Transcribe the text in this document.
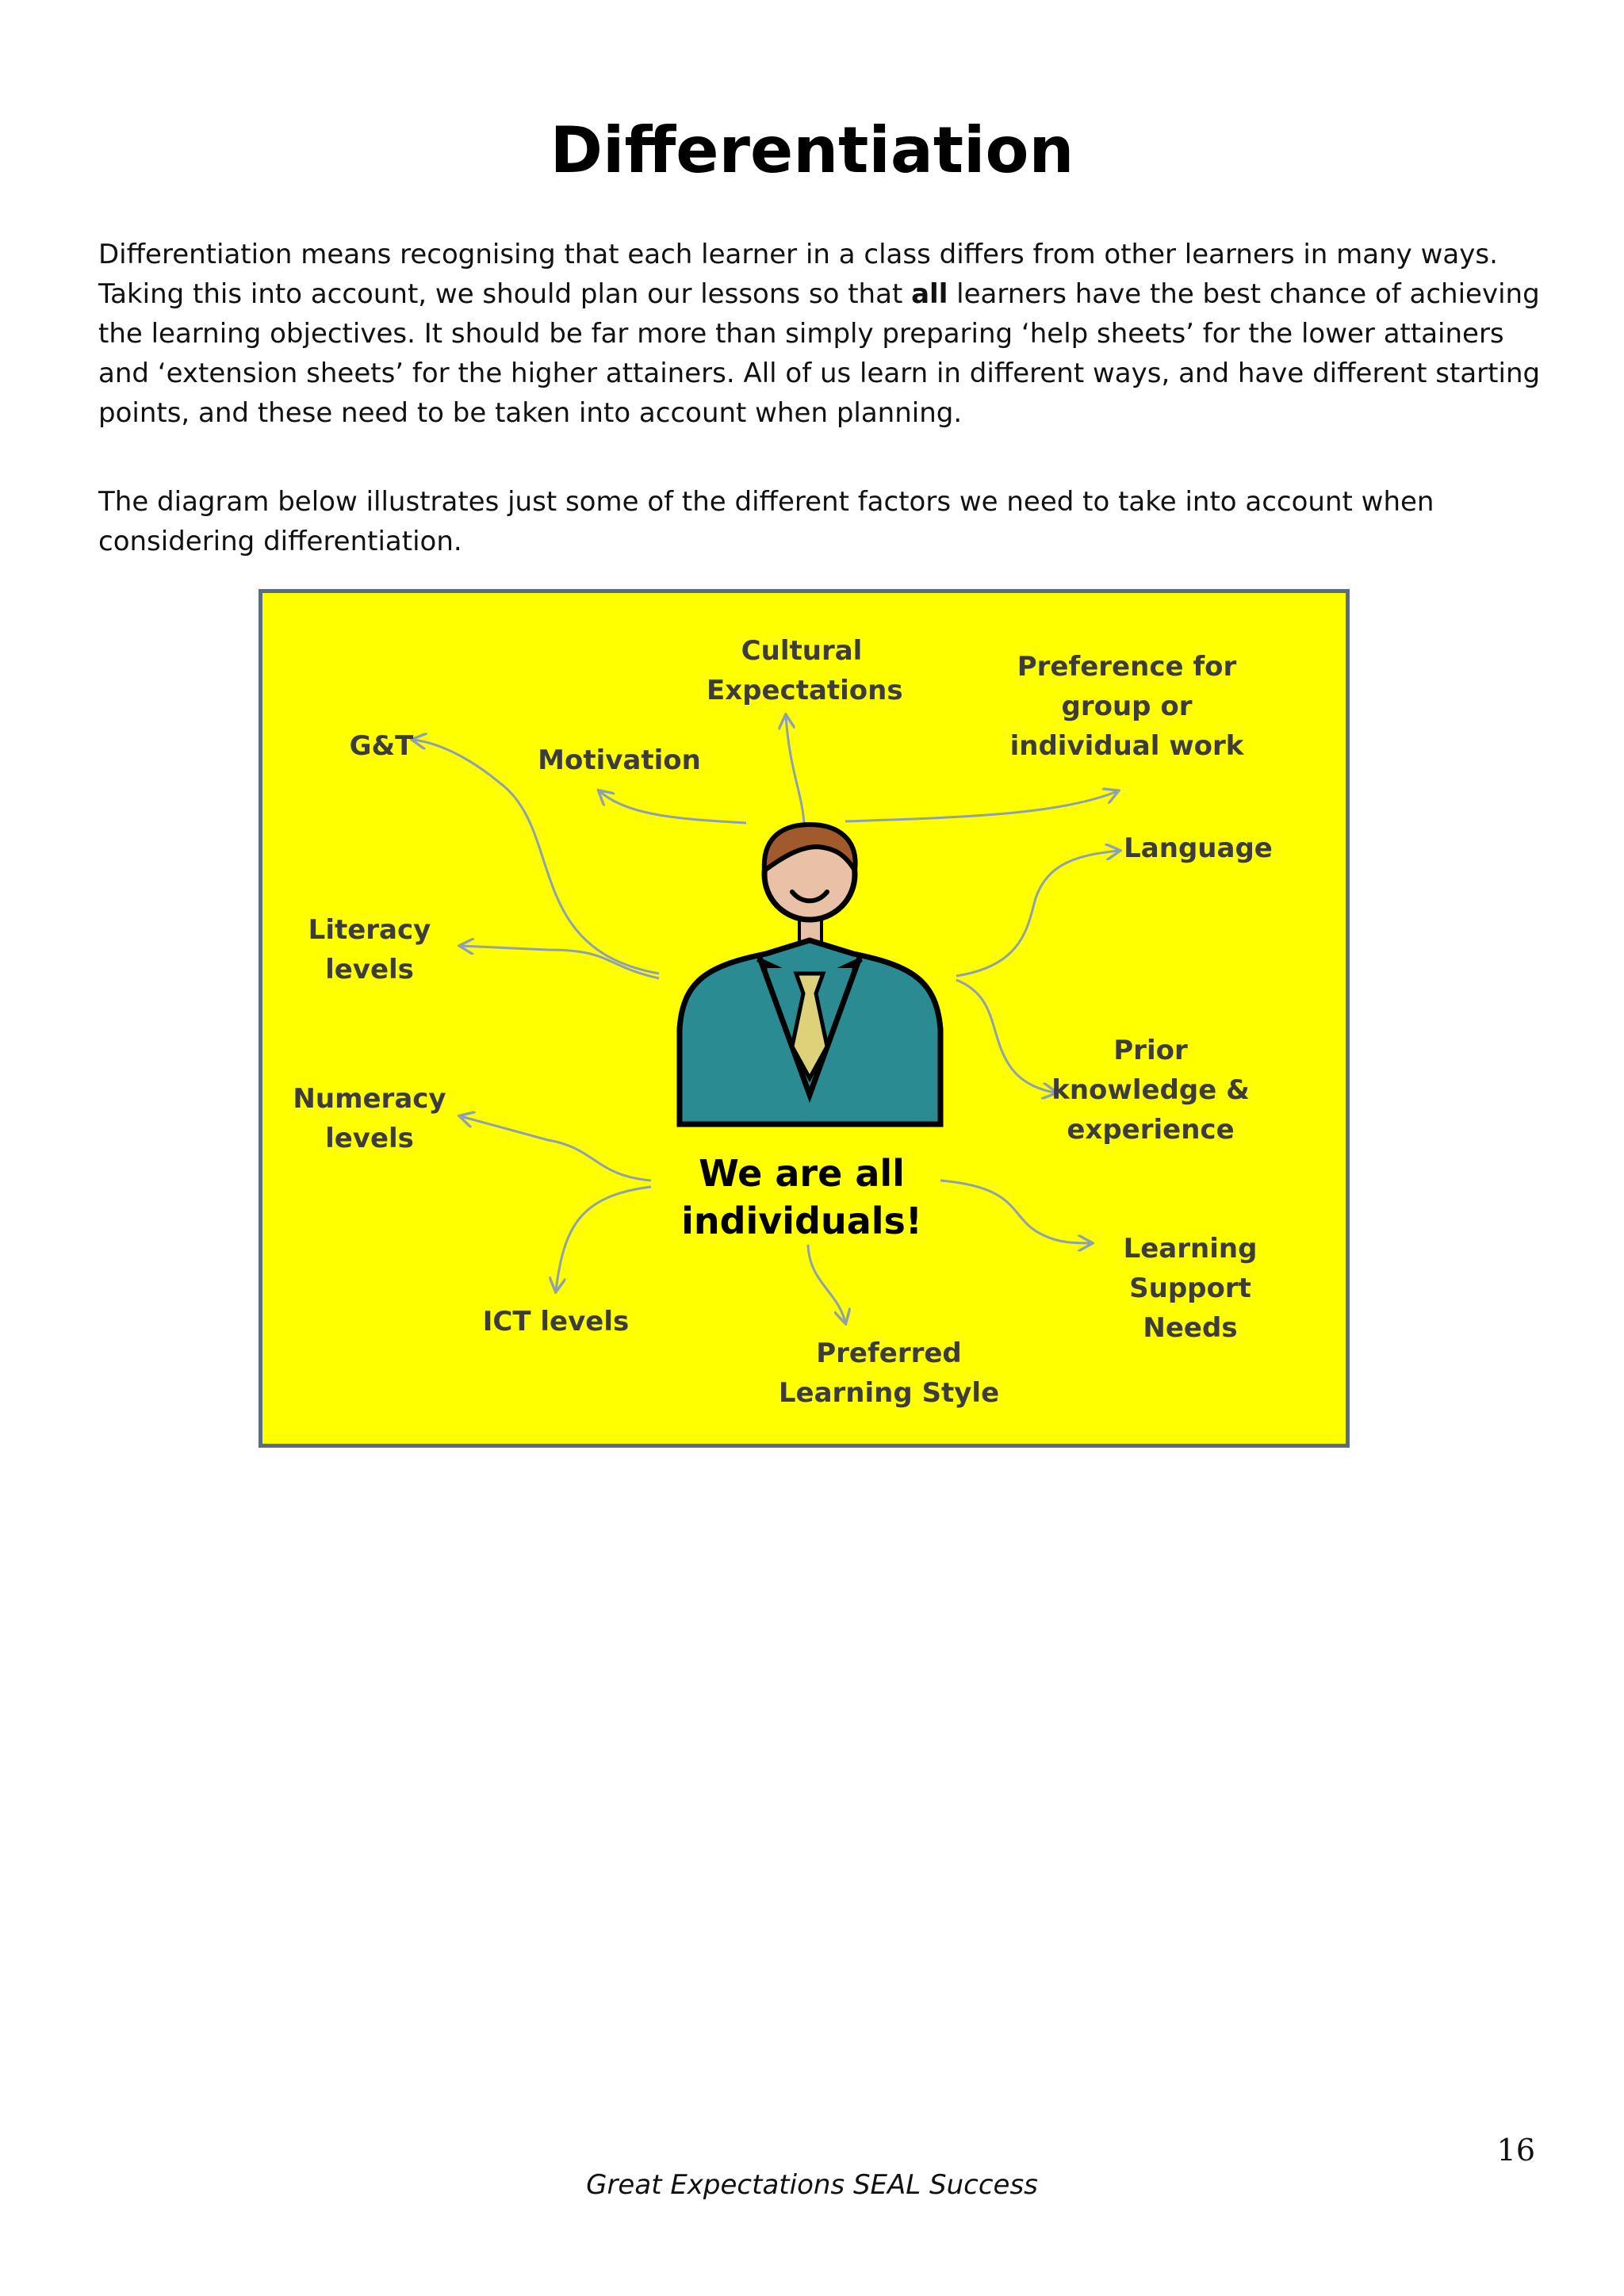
Differentiation

Differentiation means recognising that each learner in a class differs from other learners in many ways. Taking this into account, we should plan our lessons so that all learners have the best chance of achieving the learning objectives. It should be far more than simply preparing ‘help sheets’ for the lower attainers and ‘extension sheets’ for the higher attainers. All of us learn in different ways, and have different starting points, and these need to be taken into account when planning.

The diagram below illustrates just some of the different factors we need to take into account when considering differentiation.

G&T	Motivation
Cultural
Expectations
Preference for
group or
individual work
Language
Literacy
levels
Prior
knowledge &
experience
Numeracy
levels
Learning
Support
Needs
ICT levels
Preferred
Learning Style
We are all
individuals!
16
Great Expectations SEAL Success
